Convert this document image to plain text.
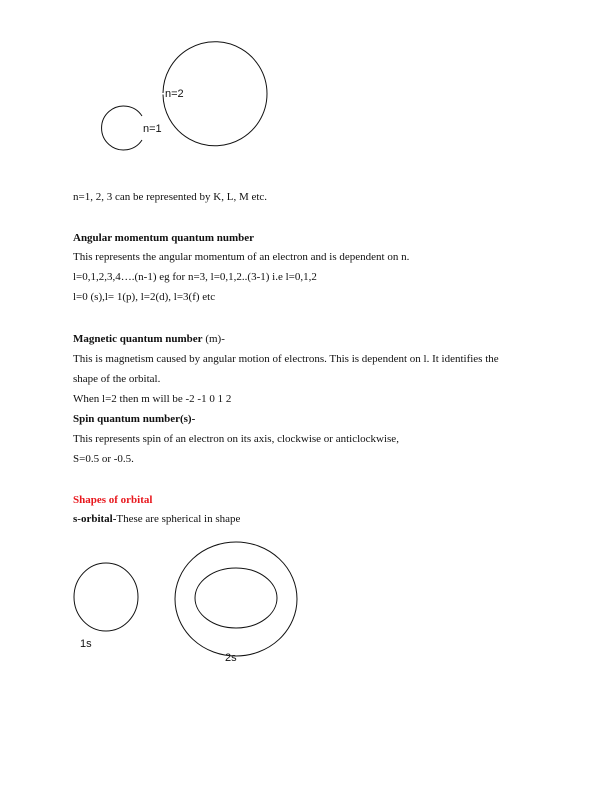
n=2
n=1
1s
2s
n=1, 2, 3 can be represented by K, L, M etc.
Angular momentum quantum number
This represents the angular momentum of an electron and is dependent on n.
l=0,1,2,3,4….(n-1) eg for n=3, l=0,1,2..(3-1) i.e l=0,1,2
l=0 (s),l= 1(p), l=2(d), l=3(f) etc
Magnetic quantum number (m)-
This is magnetism caused by angular motion of electrons. This is dependent on l. It identifies the
shape of the orbital.
When l=2 then m will be -2 -1 0 1 2
Spin quantum number(s)-
This represents spin of an electron on its axis, clockwise or anticlockwise,
S=0.5 or -0.5.
Shapes of orbital
s-orbital-These are spherical in shape
